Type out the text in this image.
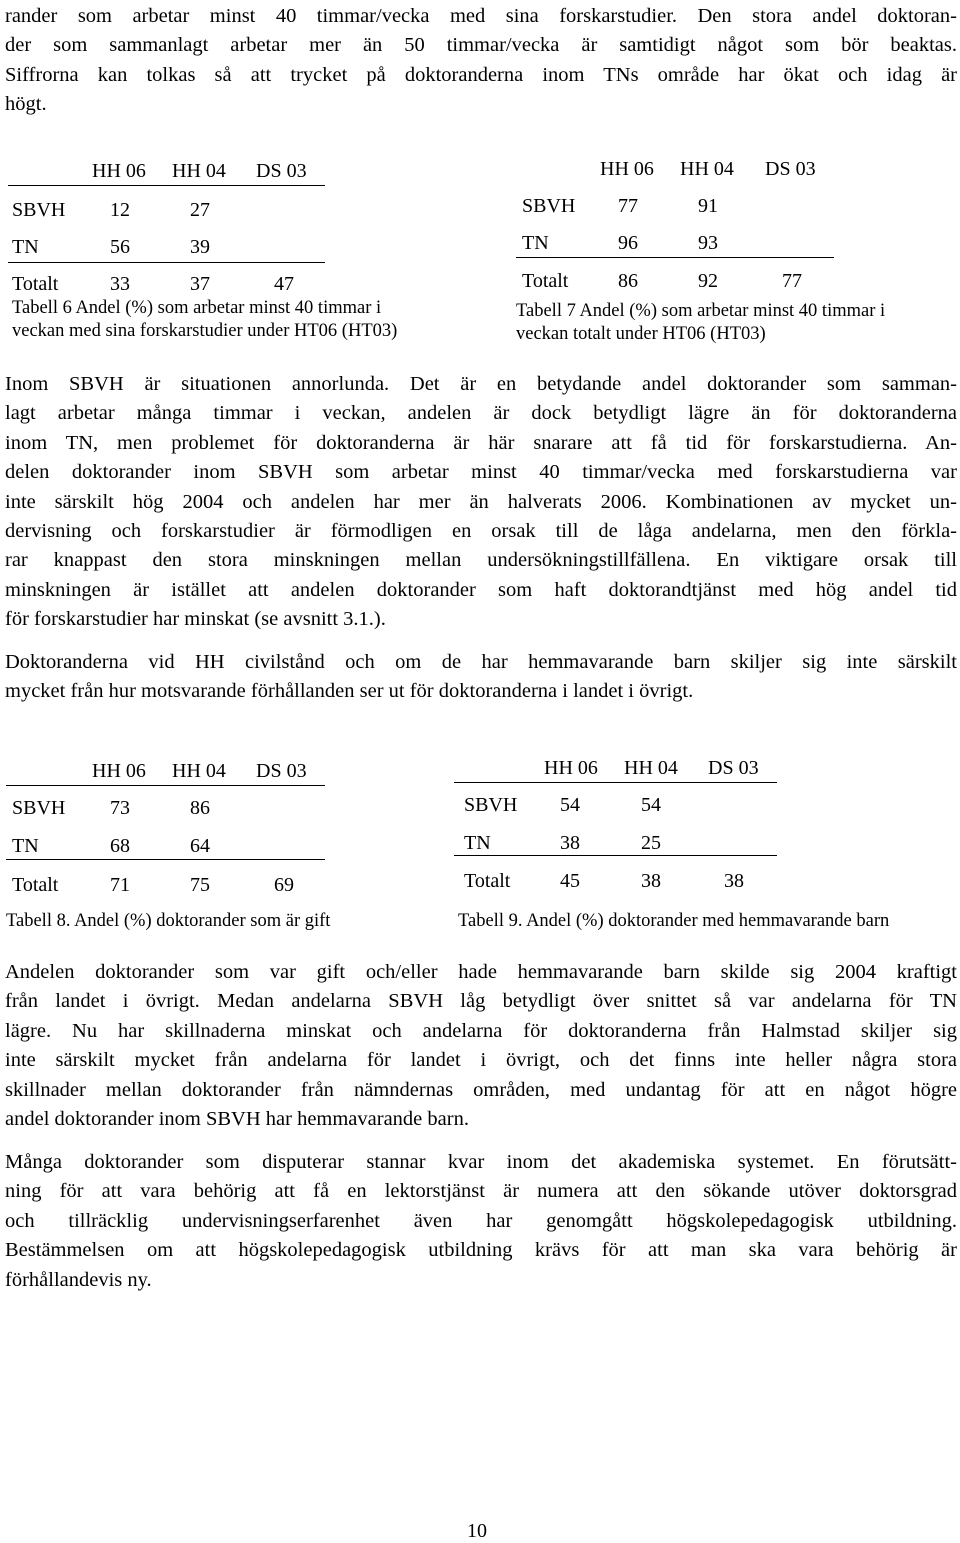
rander som arbetar minst 40 timmar/vecka med sina forskarstudier. Den stora andel doktoran-
der som sammanlagt arbetar mer än 50 timmar/vecka är samtidigt något som bör beaktas.
Siffrorna kan tolkas så att trycket på doktoranderna inom TNs område har ökat och idag är
högt.
HH 06 HH 04 DS 03
SBVH 12	27
TN	56	39
Totalt	33	37	47
Tabell 6 Andel (%) som arbetar minst 40 timmar i
veckan med sina forskarstudier under HT06 (HT03)
HH 06 HH 04 DS 03
SBVH 77	91
TN	96	93
Totalt 86	92	77
Tabell 7 Andel (%) som arbetar minst 40 timmar i
veckan totalt under HT06 (HT03)
Inom SBVH är situationen annorlunda. Det är en betydande andel doktorander som samman-
lagt arbetar många timmar i veckan, andelen är dock betydligt lägre än för doktoranderna
inom TN, men problemet för doktoranderna är här snarare att få tid för forskarstudierna. An-
delen doktorander inom SBVH som arbetar minst 40 timmar/vecka med forskarstudierna var
inte särskilt hög 2004 och andelen har mer än halverats 2006. Kombinationen av mycket un-
dervisning och forskarstudier är förmodligen en orsak till de låga andelarna, men den förkla-
rar knappast den stora minskningen mellan undersökningstillfällena. En viktigare orsak till
minskningen är istället att andelen doktorander som haft doktorandtjänst med hög andel tid
för forskarstudier har minskat (se avsnitt 3.1.).
Doktoranderna vid HH civilstånd och om de har hemmavarande barn skiljer sig inte särskilt
mycket från hur motsvarande förhållanden ser ut för doktoranderna i landet i övrigt.
HH 06 HH 04 DS 03
SBVH 73	86
TN	68	64
Totalt	71	75	69
Tabell 8. Andel (%) doktorander som är gift
HH 06 HH 04 DS 03
SBVH 54	54
TN	38	25
Totalt 45	38	38
Tabell 9. Andel (%) doktorander med hemmavarande barn
Andelen doktorander som var gift och/eller hade hemmavarande barn skilde sig 2004 kraftigt
från landet i övrigt. Medan andelarna SBVH låg betydligt över snittet så var andelarna för TN
lägre. Nu har skillnaderna minskat och andelarna för doktoranderna från Halmstad skiljer sig
inte särskilt mycket från andelarna för landet i övrigt, och det finns inte heller några stora
skillnader mellan doktorander från nämndernas områden, med undantag för att en något högre
andel doktorander inom SBVH har hemmavarande barn.
Många doktorander som disputerar stannar kvar inom det akademiska systemet. En förutsätt-
ning för att vara behörig att få en lektorstjänst är numera att den sökande utöver doktorsgrad
och tillräcklig undervisningserfarenhet även har genomgått högskolepedagogisk utbildning.
Bestämmelsen om att högskolepedagogisk utbildning krävs för att man ska vara behörig är
förhållandevis ny.
10
